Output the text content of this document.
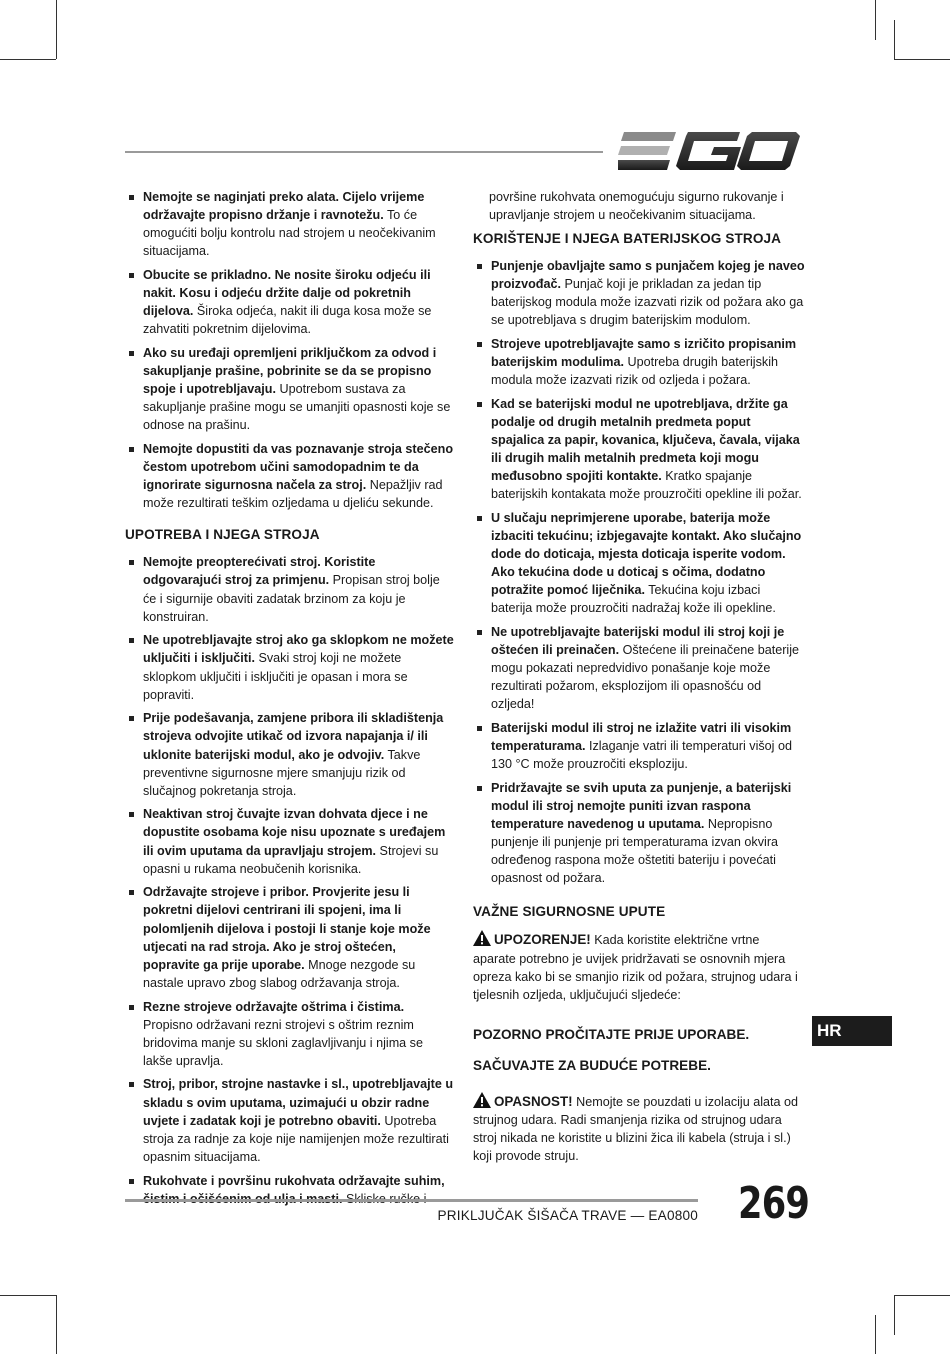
Nemojte se naginjati preko alata. Cijelo vrijeme održavajte propisno držanje i ravnotežu. To će omogućiti bolju kontrolu nad strojem u neočekivanim situacijama.
Obucite se prikladno. Ne nosite široku odjeću ili nakit. Kosu i odjeću držite dalje od pokretnih dijelova. Široka odjeća, nakit ili duga kosa može se zahvatiti pokretnim dijelovima.
Ako su uređaji opremljeni priključkom za odvod i sakupljanje prašine, pobrinite se da se propisno spoje i upotrebljavaju. Upotrebom sustava za sakupljanje prašine mogu se umanjiti opasnosti koje se odnose na prašinu.
Nemojte dopustiti da vas poznavanje stroja stečeno čestom upotrebom učini samodopadnim te da ignorirate sigurnosna načela za stroj. Nepažljiv rad može rezultirati teškim ozljedama u djeliću sekunde.
UPOTREBA I NJEGA STROJA
Nemojte preopterećivati stroj. Koristite odgovarajući stroj za primjenu. Propisan stroj bolje će i sigurnije obaviti zadatak brzinom za koju je konstruiran.
Ne upotrebljavajte stroj ako ga sklopkom ne možete uključiti i isključiti. Svaki stroj koji ne možete sklopkom uključiti i isključiti je opasan i mora se popraviti.
Prije podešavanja, zamjene pribora ili skladištenja strojeva odvojite utikač od izvora napajanja i/ ili uklonite baterijski modul, ako je odvojiv. Takve preventivne sigurnosne mjere smanjuju rizik od slučajnog pokretanja stroja.
Neaktivan stroj čuvajte izvan dohvata djece i ne dopustite osobama koje nisu upoznate s uređajem ili ovim uputama da upravljaju strojem. Strojevi su opasni u rukama neobučenih korisnika.
Održavajte strojeve i pribor. Provjerite jesu li pokretni dijelovi centrirani ili spojeni, ima li polomljenih dijelova i postoji li stanje koje može utjecati na rad stroja. Ako je stroj oštećen, popravite ga prije uporabe. Mnoge nezgode su nastale upravo zbog slabog održavanja stroja.
Rezne strojeve održavajte oštrima i čistima. Propisno održavani rezni strojevi s oštrim reznim bridovima manje su skloni zaglavljivanju i njima se lakše upravlja.
Stroj, pribor, strojne nastavke i sl., upotrebljavajte u skladu s ovim uputama, uzimajući u obzir radne uvjete i zadatak koji je potrebno obaviti. Upotreba stroja za radnje za koje nije namijenjen može rezultirati opasnim situacijama.
Rukohvate i površinu rukohvata održavajte suhim,
površine rukohvata onemogućuju sigurno rukovanje i upravljanje strojem u neočekivanim situacijama.
KORIŠTENJE I NJEGA BATERIJSKOG STROJA
Punjenje obavljajte samo s punjačem kojeg je naveo proizvođač. Punjač koji je prikladan za jedan tip baterijskog modula može izazvati rizik od požara ako ga se upotrebljava s drugim baterijskim modulom.
Strojeve upotrebljavajte samo s izričito propisanim baterijskim modulima. Upotreba drugih baterijskih modula može izazvati rizik od ozljeda i požara.
Kad se baterijski modul ne upotrebljava, držite ga podalje od drugih metalnih predmeta poput spajalica za papir, kovanica, ključeva, čavala, vijaka ili drugih malih metalnih predmeta koji mogu međusobno spojiti kontakte. Kratko spajanje baterijskih kontakata može prouzročiti opekline ili požar.
U slučaju neprimjerene uporabe, baterija može izbaciti tekućinu; izbjegavajte kontakt. Ako slučajno dode do doticaja, mjesta doticaja isperite vodom. Ako tekućina dode u doticaj s očima, dodatno potražite pomoć liječnika. Tekućina koju izbaci baterija može prouzročiti nadražaj kože ili opekline.
Ne upotrebljavajte baterijski modul ili stroj koji je oštećen ili preinačen. Oštećene ili preinačene baterije mogu pokazati nepredvidivo ponašanje koje može rezultirati požarom, eksplozijom ili opasnošću od ozljeda!
Baterijski modul ili stroj ne izlažite vatri ili visokim temperaturama. Izlaganje vatri ili temperaturi višoj od 130 °C može prouzročiti eksploziju.
Pridržavajte se svih uputa za punjenje, a baterijski modul ili stroj nemojte puniti izvan raspona temperature navedenog u uputama. Nepropisno punjenje ili punjenje pri temperaturama izvan okvira određenog raspona može oštetiti bateriju i povećati opasnost od požara.
VAŽNE SIGURNOSNE UPUTE
UPOZORENJE! Kada koristite električne vrtne aparate potrebno je uvijek pridržavati se osnovnih mjera opreza kako bi se smanjio rizik od požara, strujnog udara i tjelesnih ozljeda, uključujući sljedeće:
POZORNO PROČITAJTE PRIJE UPORABE.
SAČUVAJTE ZA BUDUĆE POTREBE.
OPASNOST! Nemojte se pouzdati u izolaciju alata od strujnog udara. Radi smanjenja rizika od strujnog udara stroj nikada ne koristite u blizini žica ili kabela (struja i sl.) koji provode struju.
HR
PRIKLJUČAK ŠIŠAČA TRAVE — EA0800 269
